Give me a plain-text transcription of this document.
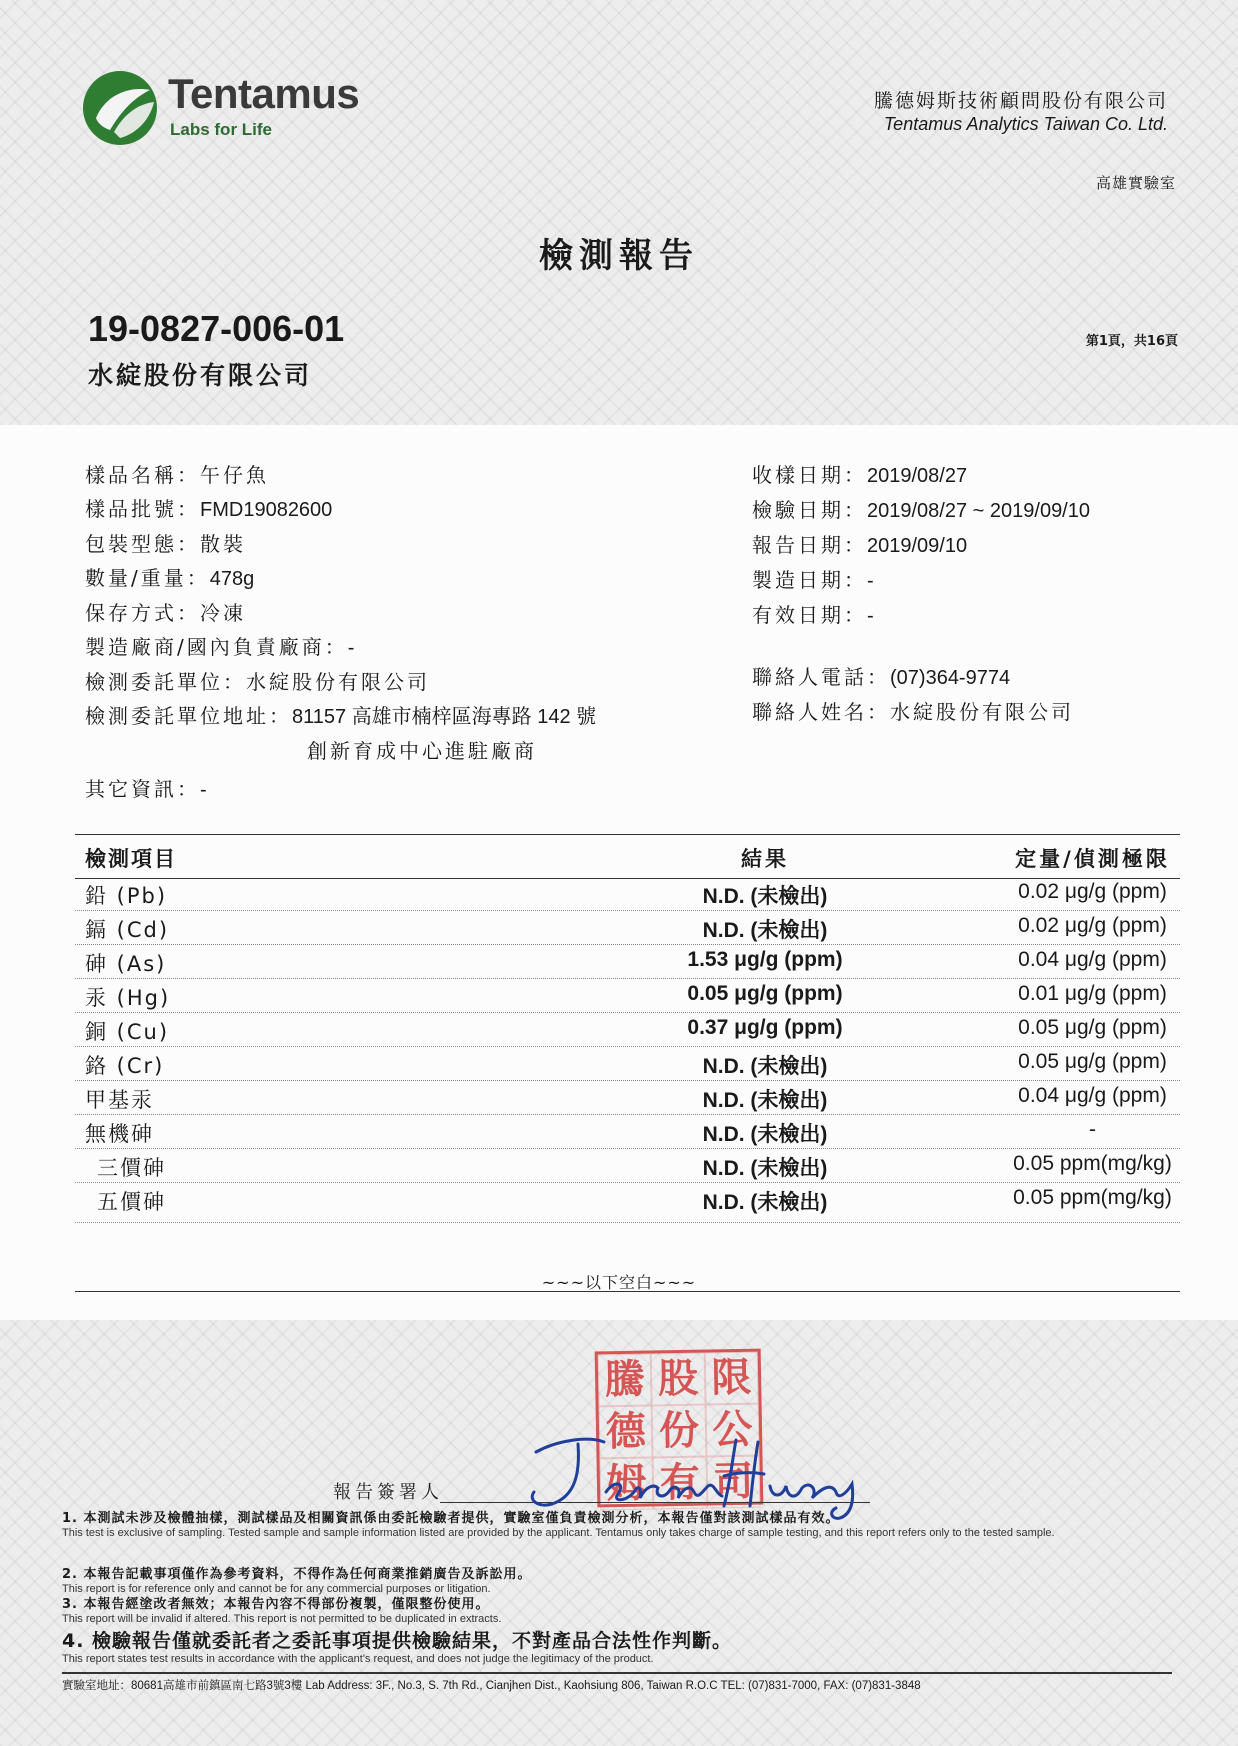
Tentamus
Labs for Life
騰德姆斯技術顧問股份有限公司
Tentamus Analytics Taiwan Co. Ltd.
高雄實驗室
檢測報告
19-0827-006-01
水綻股份有限公司
第1頁，共16頁
樣品名稱：午仔魚
樣品批號：FMD19082600
包裝型態：散裝
數量/重量：478g
保存方式：冷凍
製造廠商/國內負責廠商：-
檢測委託單位：水綻股份有限公司
檢測委託單位地址：81157 高雄市楠梓區海專路 142 號
創新育成中心進駐廠商
其它資訊：-
收樣日期：2019/08/27
檢驗日期：2019/08/27 ~ 2019/09/10
報告日期：2019/09/10
製造日期：-
有效日期：-
聯絡人電話：(07)364-9774
聯絡人姓名：水綻股份有限公司
檢測項目	結果	定量/偵測極限
鉛 (Pb)	N.D. (未檢出)	0.02 μg/g (ppm)
鎘 (Cd)	N.D. (未檢出)	0.02 μg/g (ppm)
砷 (As)	1.53 μg/g (ppm)	0.04 μg/g (ppm)
汞 (Hg)	0.05 μg/g (ppm)	0.01 μg/g (ppm)
銅 (Cu)	0.37 μg/g (ppm)	0.05 μg/g (ppm)
鉻 (Cr)	N.D. (未檢出)	0.05 μg/g (ppm)
甲基汞	N.D. (未檢出)	0.04 μg/g (ppm)
無機砷	N.D. (未檢出)	-
三價砷	N.D. (未檢出)	0.05 ppm(mg/kg)
五價砷	N.D. (未檢出)	0.05 ppm(mg/kg)
~~~以下空白~~~
騰 股 限
德 份 公
姆 有 司
報告簽署人
1. 本測試未涉及檢體抽樣，測試樣品及相關資訊係由委託檢驗者提供，實驗室僅負責檢測分析，本報告僅對該測試樣品有效。
This test is exclusive of sampling. Tested sample and sample information listed are provided by the applicant. Tentamus only takes charge of sample testing, and this report refers only to the tested sample.
2. 本報告記載事項僅作為參考資料，不得作為任何商業推銷廣告及訴訟用。
This report is for reference only and cannot be for any commercial purposes or litigation.
3. 本報告經塗改者無效；本報告內容不得部份複製，僅限整份使用。
This report will be invalid if altered. This report is not permitted to be duplicated in extracts.
4. 檢驗報告僅就委託者之委託事項提供檢驗結果，不對產品合法性作判斷。
This report states test results in accordance with the applicant's request, and does not judge the legitimacy of the product.
實驗室地址：80681高雄市前鎮區南七路3號3樓 Lab Address: 3F., No.3, S. 7th Rd., Cianjhen Dist., Kaohsiung 806, Taiwan R.O.C TEL: (07)831-7000, FAX: (07)831-3848
